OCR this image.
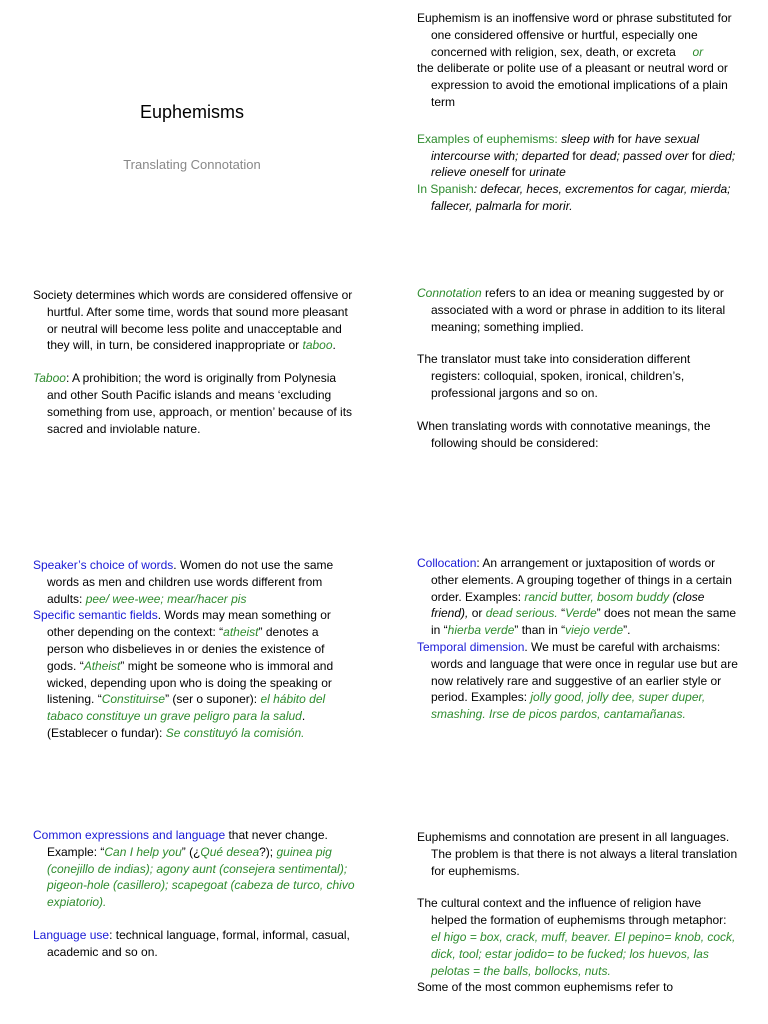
Euphemisms
Translating Connotation

Euphemism is an inoffensive word or phrase substituted for one considered offensive or hurtful, especially one concerned with religion, sex, death, or excreta or

the deliberate or polite use of a pleasant or neutral word or expression to avoid the emotional implications of a plain term

Examples of euphemisms: sleep with for have sexual intercourse with; departed for dead; passed over for died; relieve oneself for urinate

In Spanish: defecar, heces, excrementos for cagar, mierda; fallecer, palmarla for morir.

Society determines which words are considered offensive or hurtful. After some time, words that sound more pleasant or neutral will become less polite and unacceptable and they will, in turn, be considered inappropriate or taboo.

Taboo: A prohibition; the word is originally from Polynesia and other South Pacific islands and means ‘excluding something from use, approach, or mention’ because of its sacred and inviolable nature.

Connotation refers to an idea or meaning suggested by or associated with a word or phrase in addition to its literal meaning; something implied.

The translator must take into consideration different registers: colloquial, spoken, ironical, children’s, professional jargons and so on.

When translating words with connotative meanings, the following should be considered:

Speaker’s choice of words. Women do not use the same words as men and children use words different from adults: pee/ wee-wee; mear/hacer pis

Specific semantic fields. Words may mean something or other depending on the context: “atheist” denotes a person who disbelieves in or denies the existence of gods. “Atheist” might be someone who is immoral and wicked, depending upon who is doing the speaking or listening. “Constituirse” (ser o suponer): el hábito del tabaco constituye un grave peligro para la salud. (Establecer o fundar): Se constituyó la comisión.

Collocation: An arrangement or juxtaposition of words or other elements. A grouping together of things in a certain order. Examples: rancid butter, bosom buddy (close friend), or dead serious. “Verde” does not mean the same in “hierba verde” than in “viejo verde”.

Temporal dimension. We must be careful with archaisms: words and language that were once in regular use but are now relatively rare and suggestive of an earlier style or period. Examples: jolly good, jolly dee, super duper, smashing. Irse de picos pardos, cantamañanas.

Common expressions and language that never change. Example: “Can I help you” (¿Qué desea?); guinea pig (conejillo de indias); agony aunt (consejera sentimental); pigeon-hole (casillero); scapegoat (cabeza de turco, chivo expiatorio).

Language use: technical language, formal, informal, casual, academic and so on.

Euphemisms and connotation are present in all languages. The problem is that there is not always a literal translation for euphemisms.

The cultural context and the influence of religion have helped the formation of euphemisms through metaphor: el higo = box, crack, muff, beaver. El pepino= knob, cock, dick, tool; estar jodido= to be fucked; los huevos, las pelotas = the balls, bollocks, nuts.

Some of the most common euphemisms refer to
